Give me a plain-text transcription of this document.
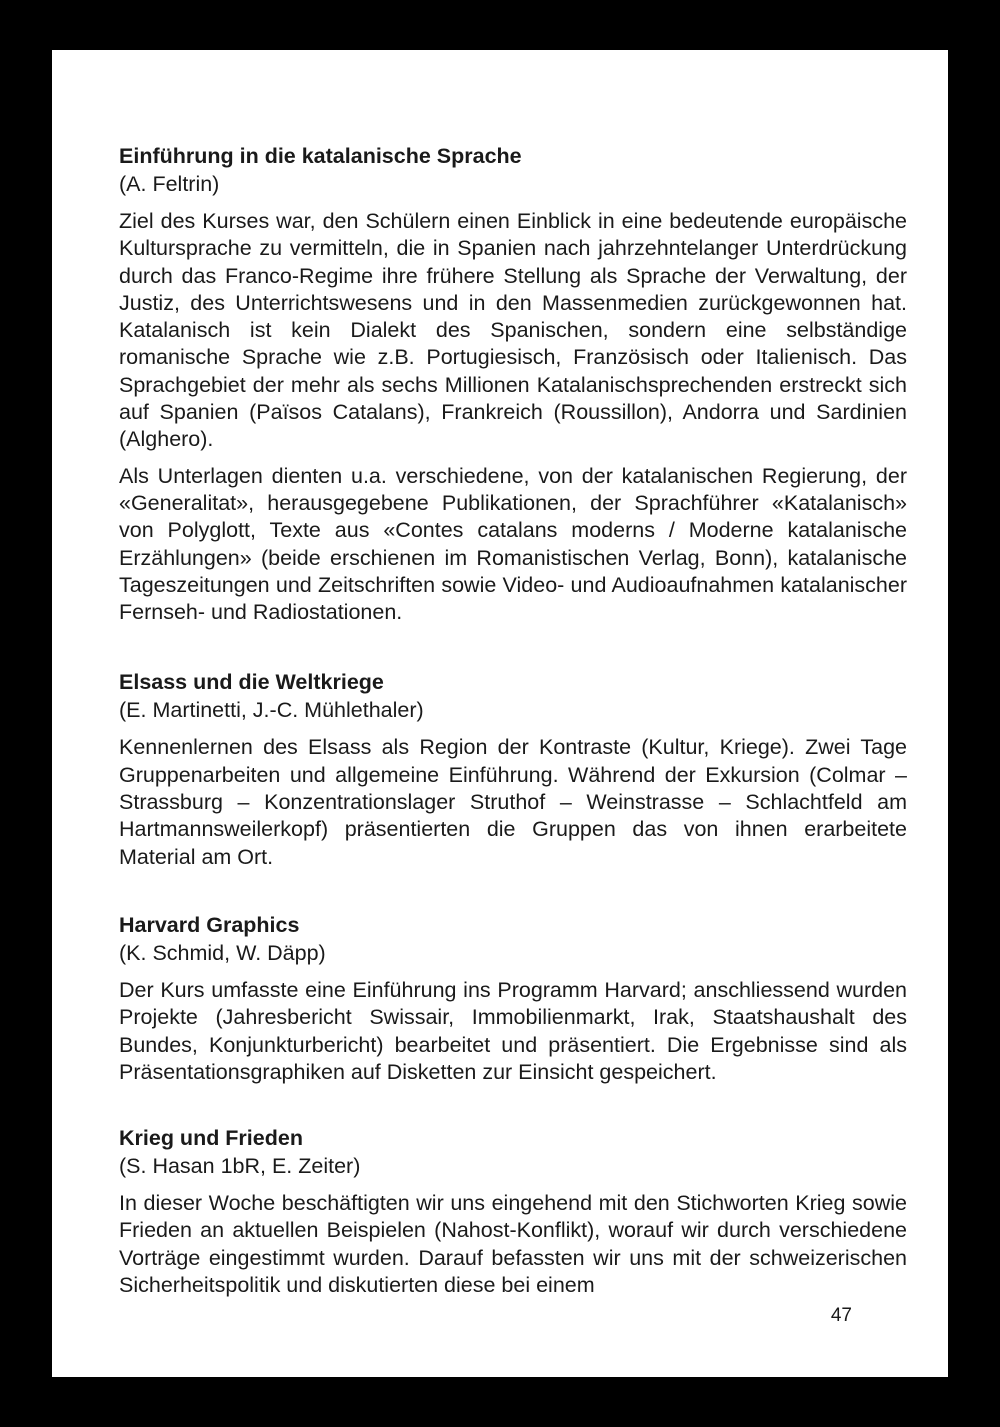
Einführung in die katalanische Sprache

(A. Feltrin)

Ziel des Kurses war, den Schülern einen Einblick in eine bedeutende europäische Kultursprache zu vermitteln, die in Spanien nach jahrzehntelanger Unterdrückung durch das Franco-Regime ihre frühere Stellung als Sprache der Verwaltung, der Justiz, des Unterrichtswesens und in den Massenmedien zurückgewonnen hat. Katalanisch ist kein Dialekt des Spanischen, sondern eine selbständige romanische Sprache wie z.B. Portugiesisch, Französisch oder Italienisch. Das Sprachgebiet der mehr als sechs Millionen Katalanischsprechenden erstreckt sich auf Spanien (Països Catalans), Frankreich (Roussillon), Andorra und Sardinien (Alghero).

Als Unterlagen dienten u.a. verschiedene, von der katalanischen Regierung, der «Generalitat», herausgegebene Publikationen, der Sprachführer «Katalanisch» von Polyglott, Texte aus «Contes catalans moderns / Moderne katalanische Erzählungen» (beide erschienen im Romanistischen Verlag, Bonn), katalanische Tageszeitungen und Zeitschriften sowie Video- und Audioaufnahmen katalanischer Fernseh- und Radiostationen.

Elsass und die Weltkriege

(E. Martinetti, J.-C. Mühlethaler)

Kennenlernen des Elsass als Region der Kontraste (Kultur, Kriege). Zwei Tage Gruppenarbeiten und allgemeine Einführung. Während der Exkursion (Colmar – Strassburg – Konzentrationslager Struthof – Weinstrasse – Schlachtfeld am Hartmannsweilerkopf) präsentierten die Gruppen das von ihnen erarbeitete Material am Ort.

Harvard Graphics

(K. Schmid, W. Däpp)

Der Kurs umfasste eine Einführung ins Programm Harvard; anschliessend wurden Projekte (Jahresbericht Swissair, Immobilienmarkt, Irak, Staatshaushalt des Bundes, Konjunkturbericht) bearbeitet und präsentiert. Die Ergebnisse sind als Präsentationsgraphiken auf Disketten zur Einsicht gespeichert.

Krieg und Frieden

(S. Hasan 1bR, E. Zeiter)

In dieser Woche beschäftigten wir uns eingehend mit den Stichworten Krieg sowie Frieden an aktuellen Beispielen (Nahost-Konflikt), worauf wir durch verschiedene Vorträge eingestimmt wurden. Darauf befassten wir uns mit der schweizerischen Sicherheitspolitik und diskutierten diese bei einem

47
